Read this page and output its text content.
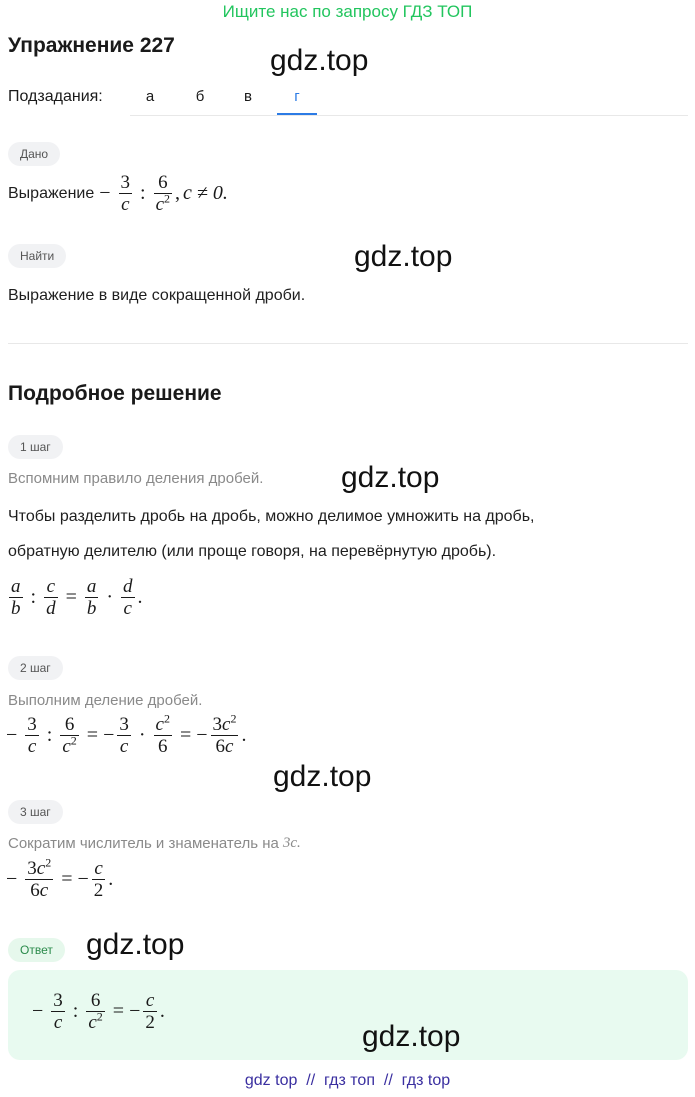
Ищите нас по запросу ГДЗ ТОП
Упражнение 227	gdz.top
Подзадания:	а	б	в	г
Дано
Выражение − $\frac{3}{c}$ : $\frac{6}{c^2}$ , c ≠ 0.
Найти	gdz.top
Выражение в виде сокращенной дроби.
Подробное решение
1 шаг
Вспомним правило деления дробей.	gdz.top
Чтобы разделить дробь на дробь, можно делимое умножить на дробь,
обратную делителю (или проще говоря, на перевёрнутую дробь).
$\frac{a}{b}$ : $\frac{c}{d} = \frac{a}{b} \cdot \frac{d}{c}$ .
2 шаг
Выполним деление дробей.
− $\frac{3}{c}$ : $\frac{6}{c^2}$ = − $\frac{3}{c} \cdot \frac{c^2}{6}$ = − $\frac{3c^2}{6c}$ .
gdz.top
3 шаг
Сократим числитель и знаменатель на 3c.
− $\frac{3c^2}{6c}$ = − $\frac{c}{2}$ .
Ответ	gdz.top
− $\frac{3}{c}$ : $\frac{6}{c^2}$ = − $\frac{c}{2}$ .
gdz.top
gdz top  //  гдз топ  //  гдз top
